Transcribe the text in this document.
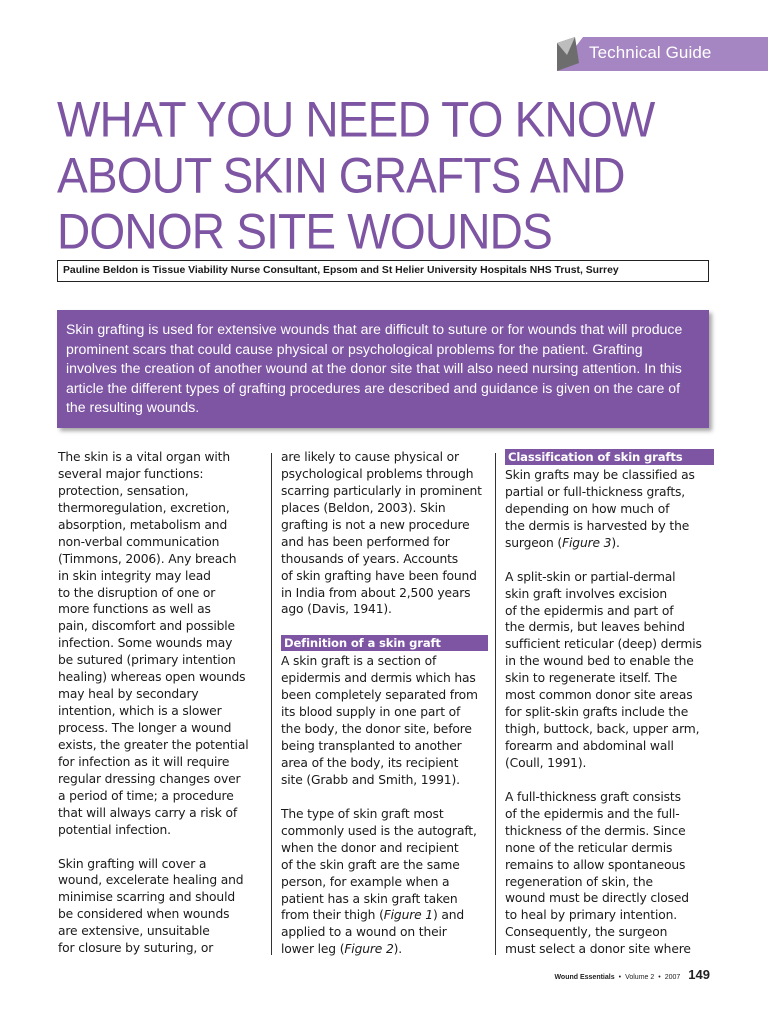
Technical Guide
WHAT YOU NEED TO KNOW
ABOUT SKIN GRAFTS AND
DONOR SITE WOUNDS
Pauline Beldon is Tissue Viability Nurse Consultant, Epsom and St Helier University Hospitals NHS Trust, Surrey
Skin grafting is used for extensive wounds that are difficult to suture or for wounds that will produce
prominent scars that could cause physical or psychological problems for the patient. Grafting
involves the creation of another wound at the donor site that will also need nursing attention. In this
article the different types of grafting procedures are described and guidance is given on the care of
the resulting wounds.
The skin is a vital organ with
several major functions:
protection, sensation,
thermoregulation, excretion,
absorption, metabolism and
non-verbal communication
(Timmons, 2006). Any breach
in skin integrity may lead
to the disruption of one or
more functions as well as
pain, discomfort and possible
infection. Some wounds may
be sutured (primary intention
healing) whereas open wounds
may heal by secondary
intention, which is a slower
process. The longer a wound
exists, the greater the potential
for infection as it will require
regular dressing changes over
a period of time; a procedure
that will always carry a risk of
potential infection.
Skin grafting will cover a
wound, excelerate healing and
minimise scarring and should
be considered when wounds
are extensive, unsuitable
for closure by suturing, or
are likely to cause physical or
psychological problems through
scarring particularly in prominent
places (Beldon, 2003). Skin
grafting is not a new procedure
and has been performed for
thousands of years. Accounts
of skin grafting have been found
in India from about 2,500 years
ago (Davis, 1941).
Definition of a skin graft
A skin graft is a section of
epidermis and dermis which has
been completely separated from
its blood supply in one part of
the body, the donor site, before
being transplanted to another
area of the body, its recipient
site (Grabb and Smith, 1991).
The type of skin graft most
commonly used is the autograft,
when the donor and recipient
of the skin graft are the same
person, for example when a
patient has a skin graft taken
from their thigh (Figure 1) and
applied to a wound on their
lower leg (Figure 2).
Classification of skin grafts
Skin grafts may be classified as
partial or full-thickness grafts,
depending on how much of
the dermis is harvested by the
surgeon (Figure 3).
A split-skin or partial-dermal
skin graft involves excision
of the epidermis and part of
the dermis, but leaves behind
sufficient reticular (deep) dermis
in the wound bed to enable the
skin to regenerate itself. The
most common donor site areas
for split-skin grafts include the
thigh, buttock, back, upper arm,
forearm and abdominal wall
(Coull, 1991).
A full-thickness graft consists
of the epidermis and the full-
thickness of the dermis. Since
none of the reticular dermis
remains to allow spontaneous
regeneration of skin, the
wound must be directly closed
to heal by primary intention.
Consequently, the surgeon
must select a donor site where
Wound Essentials • Volume 2 • 2007 149
